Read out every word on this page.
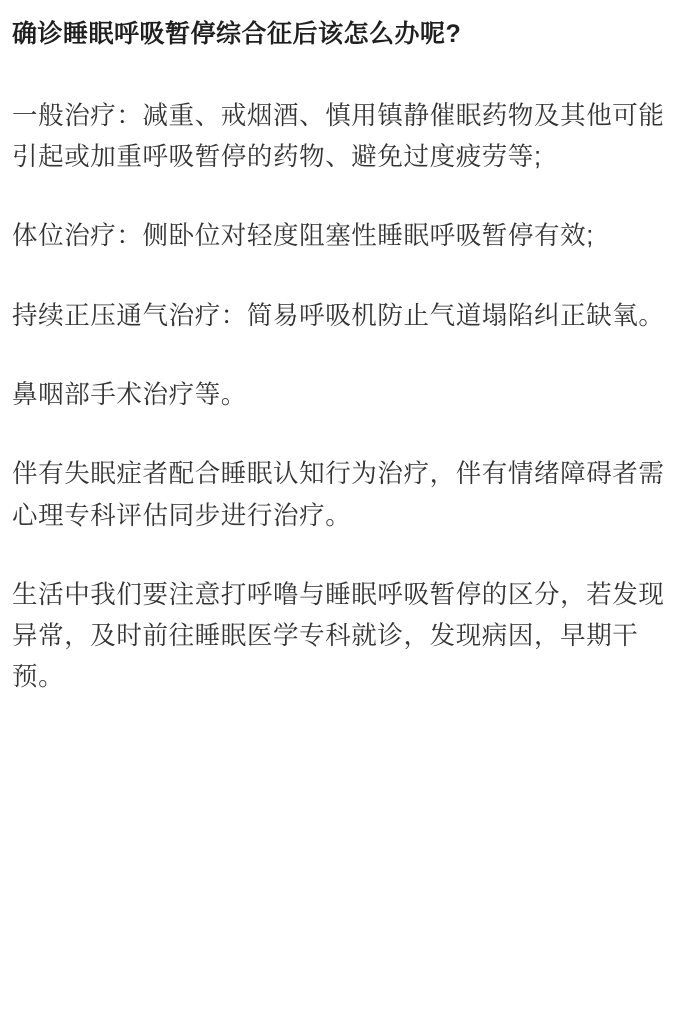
确诊睡眠呼吸暂停综合征后该怎么办呢?

一般治疗：减重、戒烟酒、慎用镇静催眠药物及其他可能引起或加重呼吸暂停的药物、避免过度疲劳等;

体位治疗：侧卧位对轻度阻塞性睡眠呼吸暂停有效;

持续正压通气治疗：简易呼吸机防止气道塌陷纠正缺氧。

鼻咽部手术治疗等。

伴有失眠症者配合睡眠认知行为治疗，伴有情绪障碍者需心理专科评估同步进行治疗。

生活中我们要注意打呼噜与睡眠呼吸暂停的区分，若发现异常，及时前往睡眠医学专科就诊，发现病因，早期干预。
